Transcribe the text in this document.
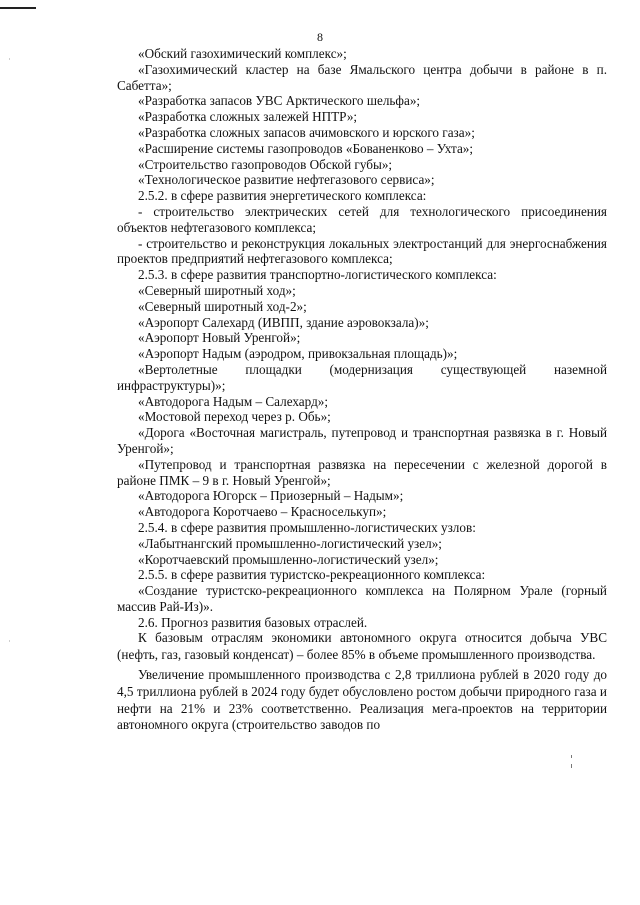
8

«Обский газохимический комплекс»;

«Газохимический кластер на базе Ямальского центра добычи в районе в п. Сабетта»;

«Разработка запасов УВС Арктического шельфа»;

«Разработка сложных залежей НПТР»;

«Разработка сложных запасов ачимовского и юрского газа»;

«Расширение системы газопроводов «Бованенково – Ухта»;

«Строительство газопроводов Обской губы»;

«Технологическое развитие нефтегазового сервиса»;

2.5.2. в сфере развития энергетического комплекса:

- строительство электрических сетей для технологического присоединения объектов нефтегазового комплекса;

- строительство и реконструкция локальных электростанций для энергоснабжения проектов предприятий нефтегазового комплекса;

2.5.3. в сфере развития транспортно-логистического комплекса:

«Северный широтный ход»;

«Северный широтный ход-2»;

«Аэропорт Салехард (ИВПП, здание аэровокзала)»;

«Аэропорт Новый Уренгой»;

«Аэропорт Надым (аэродром, привокзальная площадь)»;

«Вертолетные площадки (модернизация существующей наземной инфраструктуры)»;

«Автодорога Надым – Салехард»;

«Мостовой переход через р. Обь»;

«Дорога «Восточная магистраль, путепровод и транспортная развязка в г. Новый Уренгой»;

«Путепровод и транспортная развязка на пересечении с железной дорогой в районе ПМК – 9 в г. Новый Уренгой»;

«Автодорога Югорск – Приозерный – Надым»;

«Автодорога Коротчаево – Красноселькуп»;

2.5.4. в сфере развития промышленно-логистических узлов:

«Лабытнангский промышленно-логистический узел»;

«Коротчаевский промышленно-логистический узел»;

2.5.5. в сфере развития туристско-рекреационного комплекса:

«Создание туристско-рекреационного комплекса на Полярном Урале (горный массив Рай-Из)».

2.6. Прогноз развития базовых отраслей.

К базовым отраслям экономики автономного округа относится добыча УВС (нефть, газ, газовый конденсат) – более 85% в объеме промышленного производства.

Увеличение промышленного производства с 2,8 триллиона рублей в 2020 году до 4,5 триллиона рублей в 2024 году будет обусловлено ростом добычи природного газа и нефти на 21% и 23% соответственно. Реализация мега-проектов на территории автономного округа (строительство заводов по
